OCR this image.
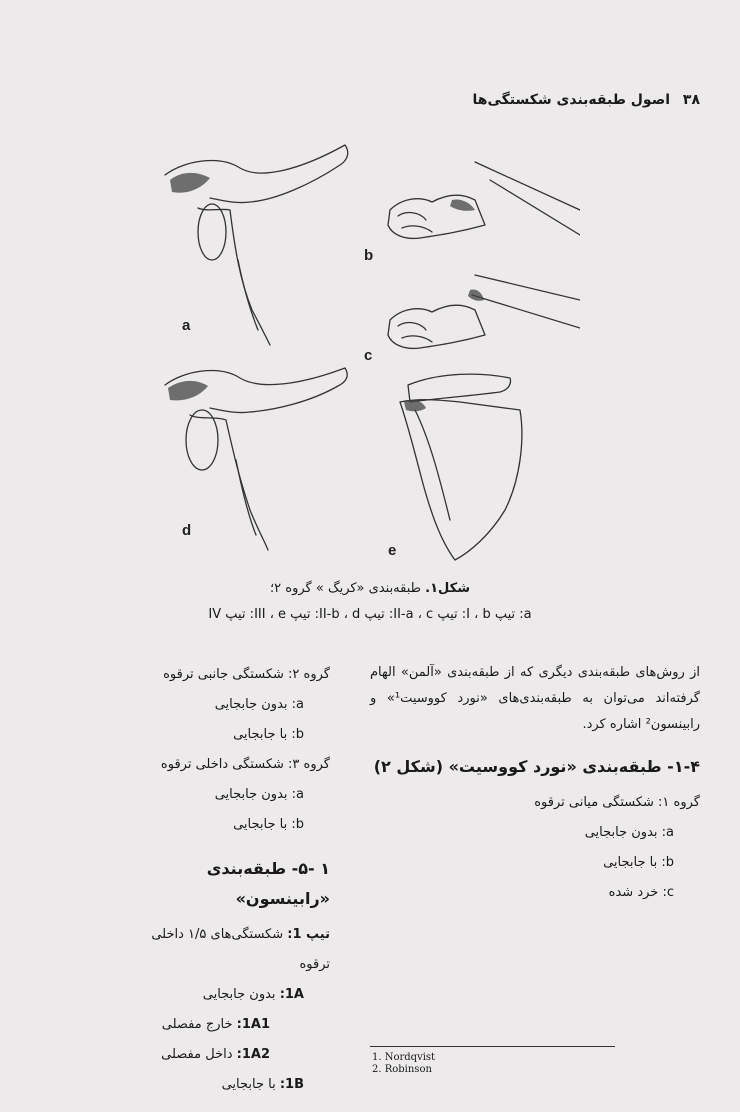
۳۸ اصول طبقه‌بندی شکستگی‌ها
a
b
c
d
e
شکل۱. طبقه‌بندی «کریگ » گروه ۲؛
a: تیپ I ، b: تیپ II-a ، c: تیپ II-b ، d: تیپ III ، e: تیپ IV
از روش‌های طبقه‌بندی دیگری که از طبقه‌بندی «آلمن» الهام گرفته‌اند می‌توان به طبقه‌بندی‌های «نورد کووسیت¹» و رابینسون² اشاره کرد.
۱-۴- طبقه‌بندی «نورد کووسیت» (شکل ۲)
گروه ۱: شکستگی میانی ترقوه
a: بدون جابجایی
b: با جابجایی
c: خرد شده
گروه ۲: شکستگی جانبی ترقوه
a: بدون جابجایی
b: با جابجایی
گروه ۳: شکستگی داخلی ترقوه
a: بدون جابجایی
b: با جابجایی
۱ -۵- طبقه‌بندی «رابینسون»
تیپ 1: شکستگی‌های ۱/۵ داخلی ترقوه
1A: بدون جابجایی
1A1: خارج مفصلی
1A2: داخل مفصلی
1B: با جابجایی
1. Nordqvist
2. Robinson
